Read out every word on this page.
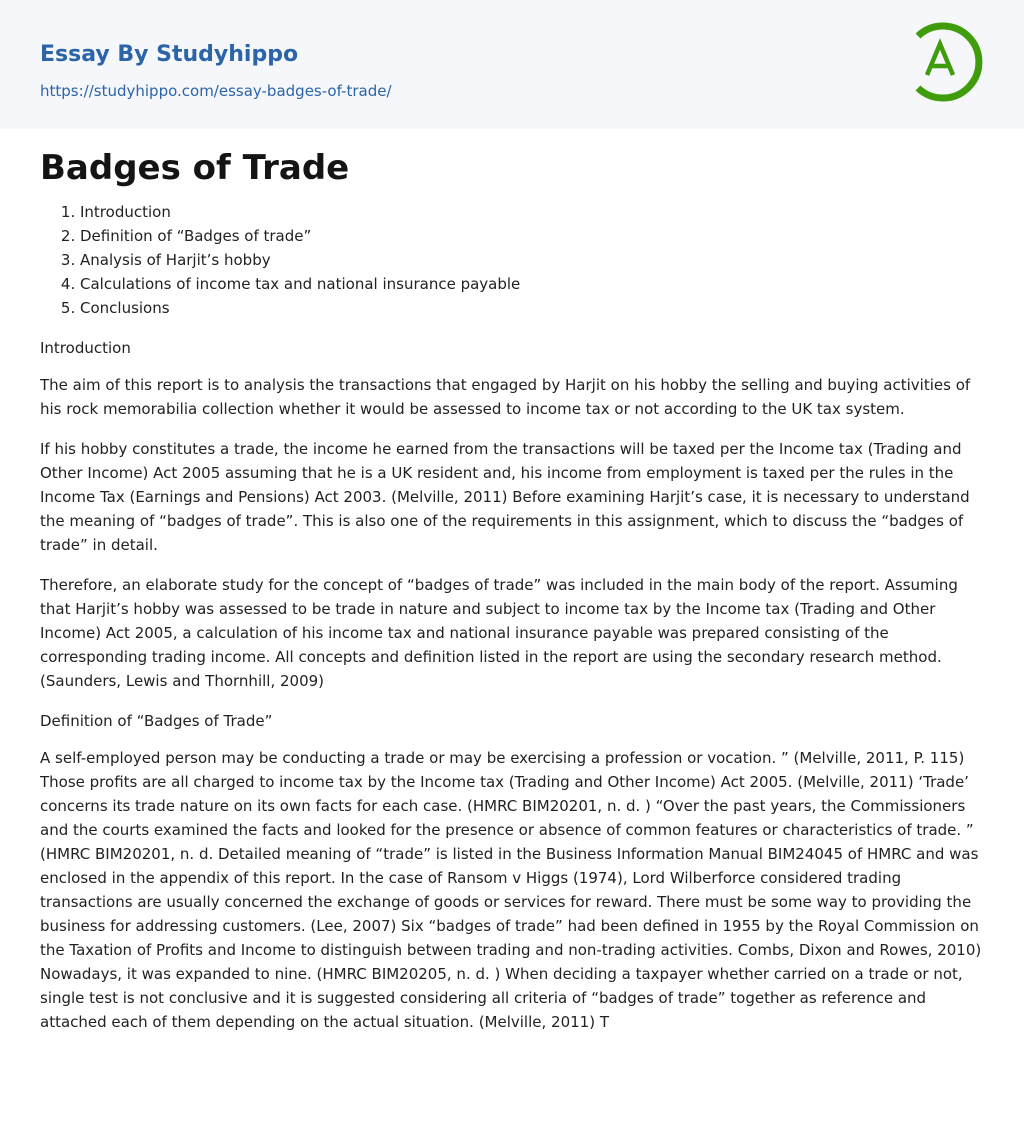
Essay By Studyhippo
https://studyhippo.com/essay-badges-of-trade/
Badges of Trade
1. Introduction
2. Definition of “Badges of trade”
3. Analysis of Harjit’s hobby
4. Calculations of income tax and national insurance payable
5. Conclusions
Introduction

The aim of this report is to analysis the transactions that engaged by Harjit on his hobby the selling and buying activities of his rock memorabilia collection whether it would be assessed to income tax or not according to the UK tax system.

If his hobby constitutes a trade, the income he earned from the transactions will be taxed per the Income tax (Trading and Other Income) Act 2005 assuming that he is a UK resident and, his income from employment is taxed per the rules in the Income Tax (Earnings and Pensions) Act 2003. (Melville, 2011) Before examining Harjit’s case, it is necessary to understand the meaning of “badges of trade”. This is also one of the requirements in this assignment, which to discuss the “badges of trade” in detail.

Therefore, an elaborate study for the concept of “badges of trade” was included in the main body of the report. Assuming that Harjit’s hobby was assessed to be trade in nature and subject to income tax by the Income tax (Trading and Other Income) Act 2005, a calculation of his income tax and national insurance payable was prepared consisting of the corresponding trading income. All concepts and definition listed in the report are using the secondary research method. (Saunders, Lewis and Thornhill, 2009)

Definition of “Badges of Trade”

A self-employed person may be conducting a trade or may be exercising a profession or vocation. ” (Melville, 2011, P. 115) Those profits are all charged to income tax by the Income tax (Trading and Other Income) Act 2005. (Melville, 2011) ‘Trade’ concerns its trade nature on its own facts for each case. (HMRC BIM20201, n. d. ) “Over the past years, the Commissioners and the courts examined the facts and looked for the presence or absence of common features or characteristics of trade. ” (HMRC BIM20201, n. d. Detailed meaning of “trade” is listed in the Business Information Manual BIM24045 of HMRC and was enclosed in the appendix of this report. In the case of Ransom v Higgs (1974), Lord Wilberforce considered trading transactions are usually concerned the exchange of goods or services for reward. There must be some way to providing the business for addressing customers. (Lee, 2007) Six “badges of trade” had been defined in 1955 by the Royal Commission on the Taxation of Profits and Income to distinguish between trading and non-trading activities. Combs, Dixon and Rowes, 2010) Nowadays, it was expanded to nine. (HMRC BIM20205, n. d. ) When deciding a taxpayer whether carried on a trade or not, single test is not conclusive and it is suggested considering all criteria of “badges of trade” together as reference and attached each of them depending on the actual situation. (Melville, 2011) T
